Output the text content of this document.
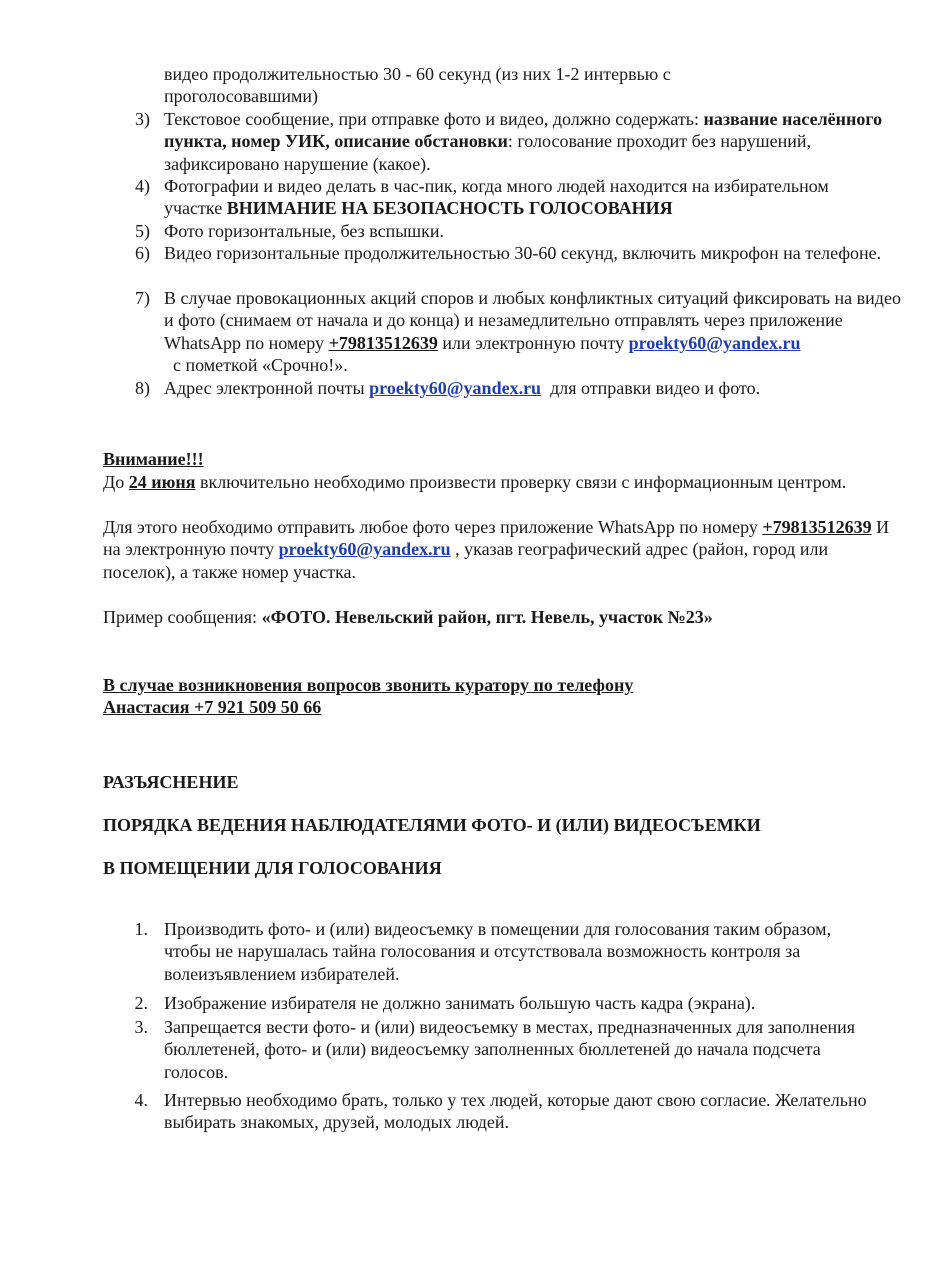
видео продолжительностью 30 - 60 секунд (из них 1-2 интервью с проголосовавшими)
3) Текстовое сообщение, при отправке фото и видео, должно содержать: название населённого пункта, номер УИК, описание обстановки: голосование проходит без нарушений, зафиксировано нарушение (какое).
4) Фотографии и видео делать в час-пик, когда много людей находится на избирательном участке ВНИМАНИЕ НА БЕЗОПАСНОСТЬ ГОЛОСОВАНИЯ
5) Фото горизонтальные, без вспышки.
6) Видео горизонтальные продолжительностью 30-60 секунд, включить микрофон на телефоне.
7) В случае провокационных акций споров и любых конфликтных ситуаций фиксировать на видео и фото (снимаем от начала и до конца) и незамедлительно отправлять через приложение WhatsApp по номеру +79813512639 или электронную почту proekty60@yandex.ru  с пометкой «Срочно!».
8) Адрес электронной почты proekty60@yandex.ru  для отправки видео и фото.
Внимание!!!
До 24 июня включительно необходимо произвести проверку связи с информационным центром.
Для этого необходимо отправить любое фото через приложение WhatsApp по номеру +79813512639 И на электронную почту proekty60@yandex.ru , указав географический адрес (район, город или поселок), а также номер участка.
Пример сообщения: «ФОТО. Невельский район, пгт. Невель, участок №23»
В случае возникновения вопросов звонить куратору по телефону
Анастасия +7 921 509 50 66
РАЗЪЯСНЕНИЕ
ПОРЯДКА ВЕДЕНИЯ НАБЛЮДАТЕЛЯМИ ФОТО- И (ИЛИ) ВИДЕОСЪЕМКИ
В ПОМЕЩЕНИИ ДЛЯ ГОЛОСОВАНИЯ
1. Производить фото- и (или) видеосъемку в помещении для голосования таким образом, чтобы не нарушалась тайна голосования и отсутствовала возможность контроля за волеизъявлением избирателей.
2. Изображение избирателя не должно занимать большую часть кадра (экрана).
3. Запрещается вести фото- и (или) видеосъемку в местах, предназначенных для заполнения бюллетеней, фото- и (или) видеосъемку заполненных бюллетеней до начала подсчета голосов.
4. Интервью необходимо брать, только у тех людей, которые дают свою согласие. Желательно выбирать знакомых, друзей, молодых людей.
